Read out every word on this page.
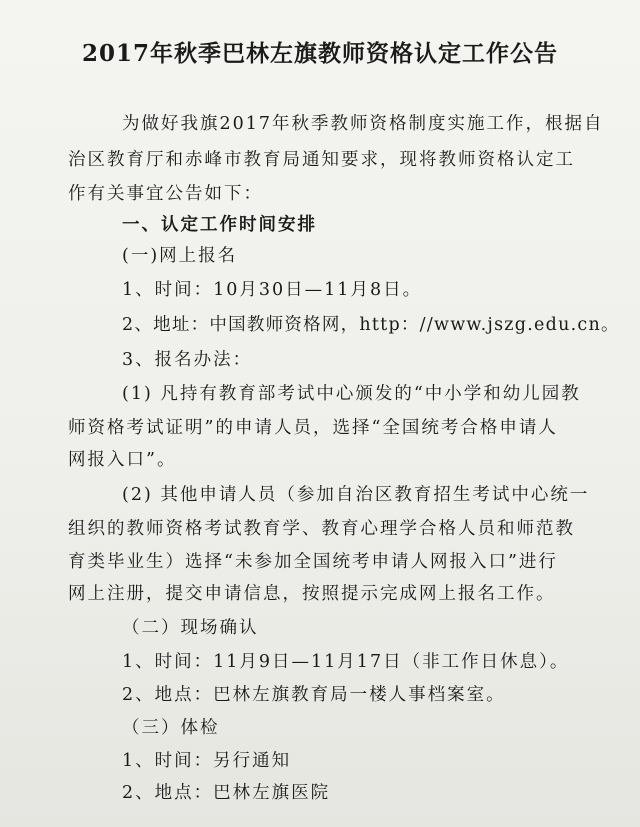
2017年秋季巴林左旗教师资格认定工作公告
为做好我旗2017年秋季教师资格制度实施工作，根据自
治区教育厅和赤峰市教育局通知要求，现将教师资格认定工
作有关事宜公告如下：
一、认定工作时间安排
(一)网上报名
1、时间：10月30日—11月8日。
2、地址：中国教师资格网，http：//www.jszg.edu.cn。
3、报名办法：
(1) 凡持有教育部考试中心颁发的“中小学和幼儿园教
师资格考试证明”的申请人员，选择“全国统考合格申请人
网报入口”。
(2) 其他申请人员（参加自治区教育招生考试中心统一
组织的教师资格考试教育学、教育心理学合格人员和师范教
育类毕业生）选择“未参加全国统考申请人网报入口”进行
网上注册，提交申请信息，按照提示完成网上报名工作。
（二）现场确认
1、时间：11月9日—11月17日（非工作日休息）。
2、地点：巴林左旗教育局一楼人事档案室。
（三）体检
1、时间：另行通知
2、地点：巴林左旗医院
